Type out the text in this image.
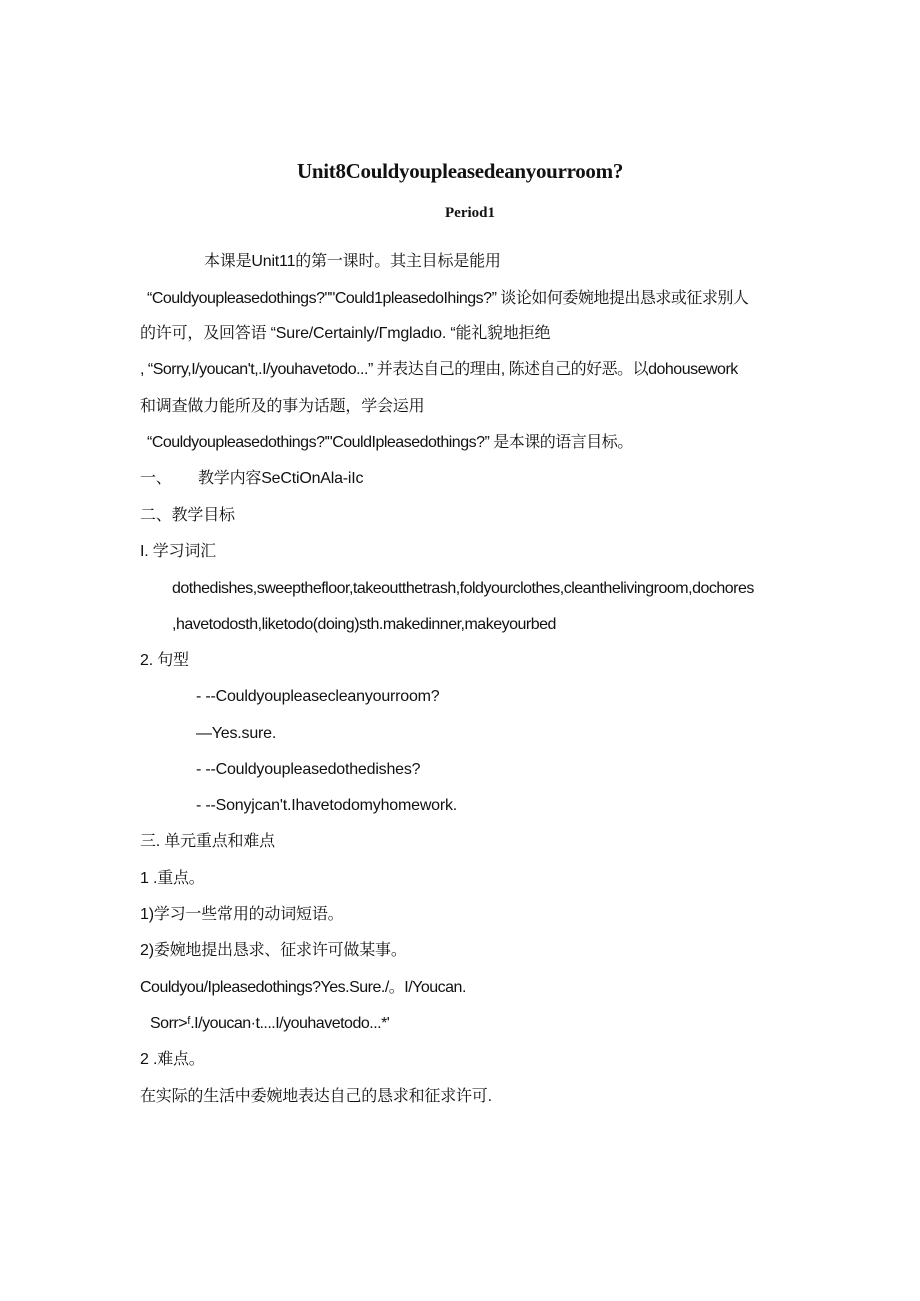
Unit8Couldyoupleasedeanyourroom?
Period1
本课是Unit11的第一课时。其主目标是能用
“Couldyoupleasedothings?""Could1pleasedoIhings?” 谈论如何委婉地提出恳求或征求别人
的许可，及回答语 “Sure/Certainly/Γmgladιo. “能礼貌地拒绝
, “Sorry,I/youcan't,.I/youhavetodo...” 并表达自己的理由, 陈述自己的好恶。以dohousework
和调查做力能所及的事为话题，学会运用
“Couldyoupleasedothings?'"CouldIpleasedothings?” 是本课的语言目标。
一、 教学内容SeCtiOnAla-iIc
二、教学目标
I. 学习词汇
dothedishes,sweepthefloor,takeoutthetrash,foldyourclothes,cleanthelivingroom,dochores
,havetodosth,liketodo(doing)sth.makedinner,makeyourbed
2. 句型
- --Couldyoupleasecleanyourroom?
—Yes.sure.
- --Couldyoupleasedothedishes?
- --Sonyjcan't.Ihavetodomyhomework.
三. 单元重点和难点
1 .重点。
1)学习一些常用的动词短语。
2)委婉地提出恳求、征求许可做某事。
Couldyou/Ipleasedothings?Yes.Sure./。I/Youcan.
Sorr>ᶠ.I/youcan·t....I/youhavetodo...*'
2 .难点。
在实际的生活中委婉地表达自己的恳求和征求许可.
